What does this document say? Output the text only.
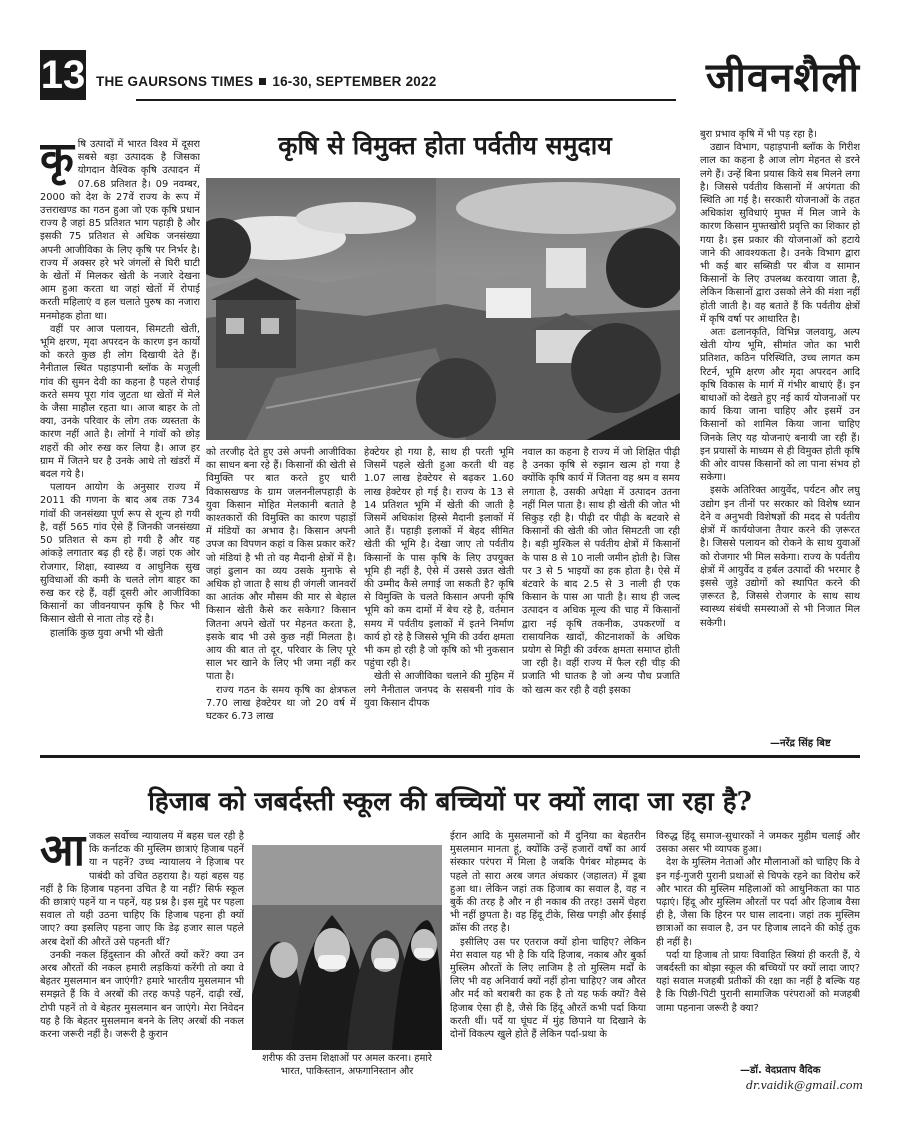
13 THE GAURSONS TIMES 16-30, SEPTEMBER 2022	जीवनशैली
कृषि से विमुक्त होता पर्वतीय समुदाय
कृ षि उत्पादों में भारत विश्व में दूसरा सबसे बड़ा उत्पादक है जिसका योगदान वैश्विक कृषि उत्पादन में 07.68 प्रतिशत है। 09 नवम्बर, 2000 को देश के 27वें राज्य के रूप में उत्तराखण्ड का गठन हुआ जो एक कृषि प्रधान राज्य है जहां 85 प्रतिशत भाग पहाड़ी है और इसकी 75 प्रतिशत से अधिक जनसंख्या अपनी आजीविका के लिए कृषि पर निर्भर है। राज्य में अक्सर हरे भरे जंगलों से घिरी घाटी के खेतों में मिलकर खेती के नजारे देखना आम हुआ करता था जहां खेतों में रोपाई करती महिलाएं व हल चलाते पुरुष का नजारा मनमोहक होता था।

वहीं पर आज पलायन, सिमटती खेती, भूमि क्षरण, मृदा अपरदन के कारण इन कार्यों को करते कुछ ही लोग दिखायी देते हैं। नैनीताल स्थित पहाड़पानी ब्लॉक के मजूली गांव की सुमन देवी का कहना है पहले रोपाई करते समय पूरा गांव जुटता था खेतों में मेले के जैसा माहौल रहता था। आज बाहर के तो क्या, उनके परिवार के लोग तक व्यस्तता के कारण नहीं आते है। लोगों ने गांवों को छोड़ शहरों की ओर रुख कर लिया है। आज हर ग्राम में जितने घर है उनके आधे तो खंडरों में बदल गये है।

पलायन आयोग के अनुसार राज्य में 2011 की गणना के बाद अब तक 734 गांवों की जनसंख्या पूर्ण रूप से शून्य हो गयी है, वहीं 565 गांव ऐसे हैं जिनकी जनसंख्या 50 प्रतिशत से कम हो गयी है और यह आंकड़े लगातार बढ़ ही रहे हैं। जहां एक ओर रोजगार, शिक्षा, स्वास्थ्य व आधुनिक सुख सुविधाओं की कमी के चलते लोग बाहर का रुख कर रहे हैं, वहीं दूसरी ओर आजीविका किसानों का जीवनयापन कृषि है फिर भी किसान खेती से नाता तोड़ रहे है।

हालांकि कुछ युवा अभी भी खेती

को तरजीह देते हुए उसे अपनी आजीविका का साधन बना रहे हैं। किसानों की खेती से विमुक्ति पर बात करते हुए धारी विकासखण्ड के ग्राम जलननीलपहाड़ी के युवा किसान मोहित मेलकानी बताते है काश्तकारों की विमुक्ति का कारण पहाड़ों में मंडियों का अभाव है। किसान अपनी उपज का विपणन कहां व किस प्रकार करें? जो मंडियां है भी तो वह मैदानी क्षेत्रों में है। जहां ढुलान का व्यय उसके मुनाफे से अधिक हो जाता है साथ ही जंगली जानवरों का आतंक और मौसम की मार से बेहाल किसान खेती कैसे कर सकेगा? किसान जितना अपने खेतों पर मेहनत करता है, इसके बाद भी उसे कुछ नहीं मिलता है। आय की बात तो दूर, परिवार के लिए पूरे साल भर खाने के लिए भी जमा नहीं कर पाता है।

राज्य गठन के समय कृषि का क्षेत्रफल 7.70 लाख हेक्टेयर था जो 20 वर्ष में घटकर 6.73 लाख

हेक्टेयर हो गया है, साथ ही परती भूमि जिसमें पहले खेती हुआ करती थी वह 1.07 लाख हेक्टेयर से बढ़कर 1.60 लाख हेक्टेयर हो गई है। राज्य के 13 से 14 प्रतिशत भूमि में खेती की जाती है जिसमें अधिकांश हिस्से मैदानी इलाकों में आते हैं। पहाड़ी इलाकों में बेहद सीमित खेती की भूमि है। देखा जाए तो पर्वतीय किसानों के पास कृषि के लिए उपयुक्त भूमि ही नहीं है, ऐसे में उससे उन्नत खेती की उम्मीद कैसे लगाई जा सकती है? कृषि से विमुक्ति के चलते किसान अपनी कृषि भूमि को कम दामों में बेच रहे है, वर्तमान समय में पर्वतीय इलाकों में इतने निर्माण कार्य हो रहे है जिससे भूमि की उर्वरा क्षमता भी कम हो रही है जो कृषि को भी नुकसान पहुंचा रही है।

खेती से आजीविका चलाने की मुहिम में लगे नैनीताल जनपद के ससबनी गांव के युवा किसान दीपक

नवाल का कहना है राज्य में जो शिक्षित पीढ़ी है उनका कृषि से रुझान खत्म हो गया है क्योंकि कृषि कार्य में जितना वह श्रम व समय लगाता है, उसकी अपेक्षा में उत्पादन उतना नहीं मिल पाता है। साथ ही खेती की जोत भी सिकुड़ रही है। पीढ़ी दर पीढ़ी के बटवारे से किसानों की खेती की जोत सिमटती जा रही है। बड़ी मुश्किल से पर्वतीय क्षेत्रों में किसानों के पास 8 से 10 नाली जमीन होती है। जिस पर 3 से 5 भाइयों का हक होता है। ऐसे में बंटवारे के बाद 2.5 से 3 नाली ही एक किसान के पास आ पाती है। साथ ही जल्द उत्पादन व अधिक मूल्य की चाह में किसानों द्वारा नई कृषि तकनीक, उपकरणों व रासायनिक खादों, कीटनाशकों के अधिक प्रयोग से मिट्टी की उर्वरक क्षमता समाप्त होती जा रही है। वहीं राज्य में फैल रही चीड़ की प्रजाति भी घातक है जो अन्य पौध प्रजाति को खत्म कर रही है वही इसका

बुरा प्रभाव कृषि में भी पड़ रहा है।

उद्यान विभाग, पहाड़पानी ब्लॉक के गिरीश लाल का कहना है आज लोग मेहनत से डरने लगे हैं। उन्हें बिना प्रयास किये सब मिलने लगा है। जिससे पर्वतीय किसानों में अपंगता की स्थिति आ गई है। सरकारी योजनाओं के तहत अधिकांश सुविधाएं मुफ्त में मिल जाने के कारण किसान मुफ्तखोरी प्रवृत्ति का शिकार हो गया है। इस प्रकार की योजनाओं को हटाये जाने की आवश्यकता है। उनके विभाग द्वारा भी कई बार सब्सिडी पर बीज व सामान किसानों के लिए उपलब्ध करवाया जाता है, लेकिन किसानों द्वारा उसको लेने की मंशा नहीं होती जाती है। वह बताते हैं कि पर्वतीय क्षेत्रों में कृषि वर्षा पर आधारित है।

अतः ढलानकृति, विभिन्न जलवायु, अल्प खेती योग्य भूमि, सीमांत जोत का भारी प्रतिशत, कठिन परिस्थिति, उच्च लागत कम रिटर्न, भूमि क्षरण और मृदा अपरदन आदि कृषि विकास के मार्ग में गंभीर बाधाएं हैं। इन बाधाओं को देखते हुए नई कार्य योजनाओं पर कार्य किया जाना चाहिए और इसमें उन किसानों को शामिल किया जाना चाहिए जिनके लिए यह योजनाएं बनायी जा रही हैं। इन प्रयासों के माध्यम से ही विमुक्त होती कृषि की ओर वापस किसानों को ला पाना संभव हो सकेगा।

इसके अतिरिक्त आयुर्वेद, पर्यटन और लघु उद्योग इन तीनों पर सरकार को विशेष ध्यान देने व अनुभवी विशेषज्ञों की मदद से पर्वतीय क्षेत्रों में कार्ययोजना तैयार करने की ज़रूरत है। जिससे पलायन को रोकने के साथ युवाओं को रोजगार भी मिल सकेगा। राज्य के पर्वतीय क्षेत्रों में आयुर्वेद व हर्बल उत्पादों की भरमार है इससे जुड़े उद्योगों को स्थापित करने की ज़रूरत है, जिससे रोजगार के साथ साथ स्वास्थ्य संबंधी समस्याओं से भी निजात मिल सकेगी।

—नरेंद्र सिंह बिष्ट
हिजाब को जबर्दस्ती स्कूल की बच्चियों पर क्यों लादा जा रहा है?
आ जकल सर्वोच्च न्यायालय में बहस चल रही है कि कर्नाटक की मुस्लिम छात्राएं हिजाब पहनें या न पहनें? उच्च न्यायालय ने हिजाब पर पाबंदी को उचित ठहराया है। यहां बहस यह नहीं है कि हिजाब पहनना उचित है या नहीं? सिर्फ स्कूल की छात्राएं पहनें या न पहनें, यह प्रश्न है। इस मुद्दे पर पहला सवाल तो यही उठना चाहिए कि हिजाब पहना ही क्यों जाए? क्या इसलिए पहना जाए कि डेढ़ हजार साल पहले अरब देशों की औरतें उसे पहनती थीं?

उनकी नकल हिंदुस्तान की औरतें क्यों करें? क्या उन अरब औरतों की नकल हमारी लड़कियां करेंगी तो क्या वे बेहतर मुसलमान बन जाएंगी? हमारे भारतीय मुसलमान भी समझते हैं कि वे अरबों की तरह कपड़े पहनें, दाढ़ी रखें, टोपी पहनें तो वे बेहतर मुसलमान बन जाएंगे। मेरा निवेदन यह है कि बेहतर मुसलमान बनने के लिए अरबों की नकल करना जरूरी नहीं है। जरूरी है कुरान

शरीफ की उत्तम शिक्षाओं पर अमल करना। हमारे भारत, पाकिस्तान, अफगानिस्तान और

ईरान आदि के मुसलमानों को मैं दुनिया का बेहतरीन मुसलमान मानता हूं, क्योंकि उन्हें हजारों वर्षों का आर्य संस्कार परंपरा में मिला है जबकि पैगंबर मोहम्मद के पहले तो सारा अरब जगत अंधकार (जहालत) में डूबा हुआ था। लेकिन जहां तक हिजाब का सवाल है, वह न बुर्के की तरह है और न ही नकाब की तरह! उसमें चेहरा भी नहीं छुपता है। वह हिंदू टीके, सिख पगड़ी और ईसाई क्रॉस की तरह है।

इसीलिए उस पर एतराज क्यों होना चाहिए? लेकिन मेरा सवाल यह भी है कि यदि हिजाब, नकाब और बुर्का मुस्लिम औरतों के लिए लाजिम है तो मुस्लिम मर्दों के लिए भी वह अनिवार्य क्यों नहीं होना चाहिए? जब औरत और मर्द को बराबरी का हक है तो यह फर्क क्यों? वैसे हिजाब ऐसा ही है, जैसे कि हिंदू औरतें कभी पर्दा किया करती थीं। पर्दे या घूंघट में मुंह छिपाने या दिखाने के दोनों विकल्प खुले होते हैं लेकिन पर्दा-प्रथा के

विरुद्ध हिंदू समाज-सुधारकों ने जमकर मुहीम चलाई और उसका असर भी व्यापक हुआ।

देश के मुस्लिम नेताओं और मौलानाओं को चाहिए कि वे इन गई-गुजरी पुरानी प्रथाओं से चिपके रहने का विरोध करें और भारत की मुस्लिम महिलाओं को आधुनिकता का पाठ पढ़ाएं। हिंदू और मुस्लिम औरतों पर पर्दा और हिजाब वैसा ही है, जैसा कि हिरन पर घास लादना। जहां तक मुस्लिम छात्राओं का सवाल है, उन पर हिजाब लादने की कोई तुक ही नहीं है।

पर्दा या हिजाब तो प्रायः विवाहित स्त्रियां ही करती हैं, ये जबर्दस्ती का बोझा स्कूल की बच्चियों पर क्यों लादा जाए? यहां सवाल मजहबी प्रतीकों की रक्षा का नहीं है बल्कि यह है कि पिछी-पिटी पुरानी सामाजिक परंपराओं को मजहबी जामा पहनाना जरूरी है क्या?

—डॉ. वेदप्रताप वैदिक
dr.vaidik@gmail.com
